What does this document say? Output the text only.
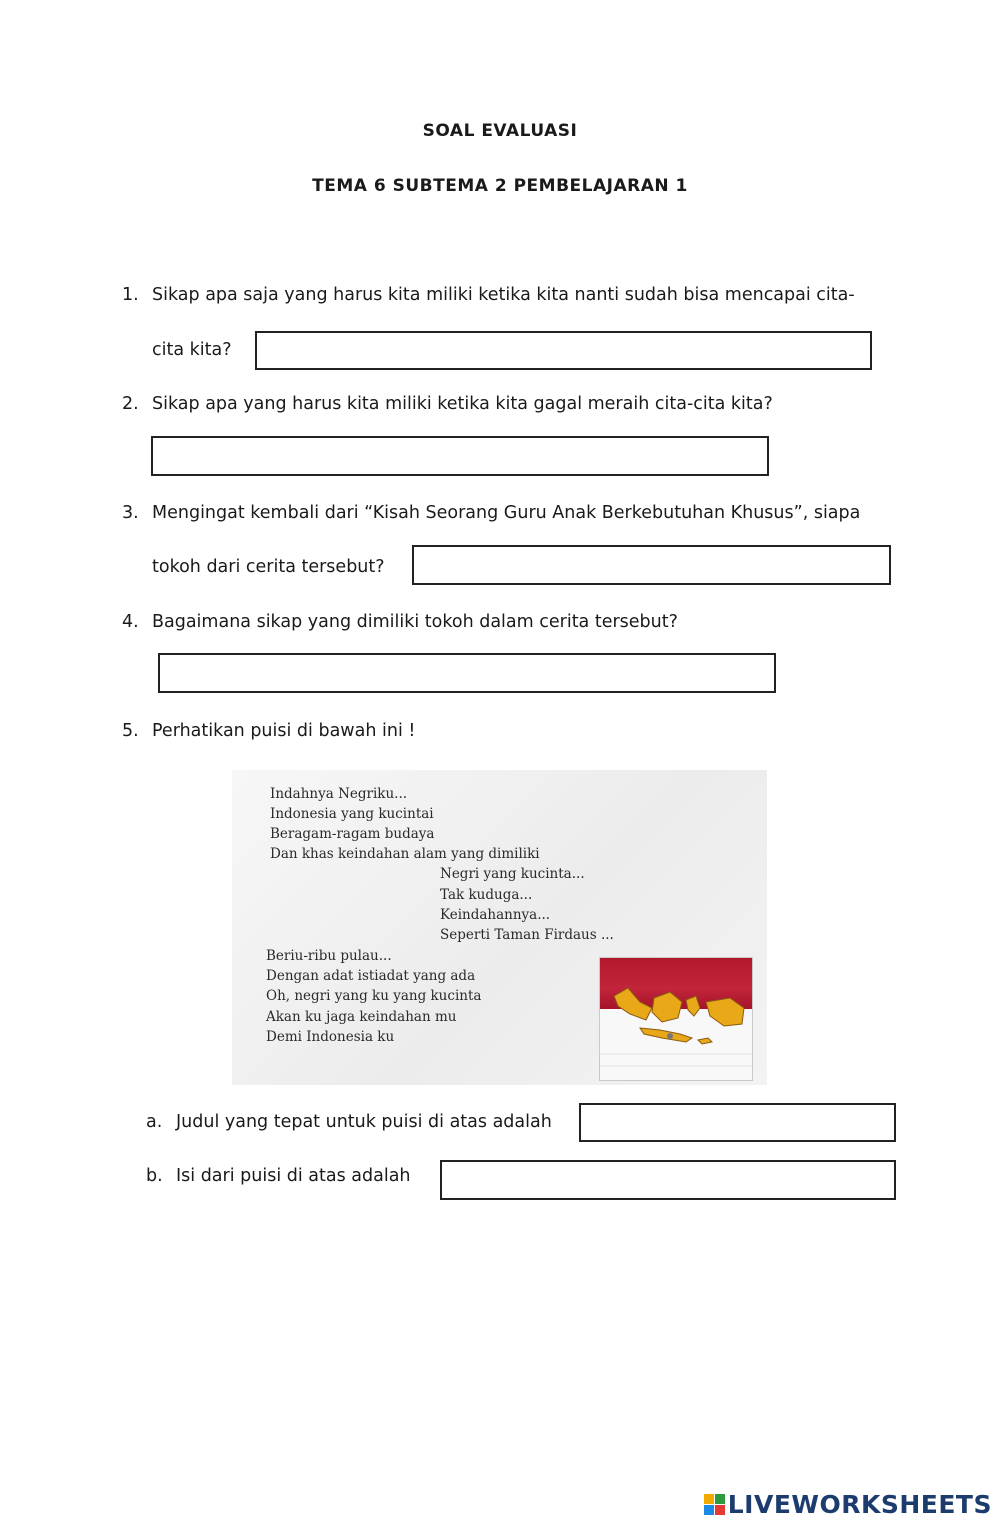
SOAL EVALUASI
TEMA 6 SUBTEMA 2 PEMBELAJARAN 1
1. Sikap apa saja yang harus kita miliki ketika kita nanti sudah bisa mencapai cita-
cita kita?
2. Sikap apa yang harus kita miliki ketika kita gagal meraih cita-cita kita?
3. Mengingat kembali dari “Kisah Seorang Guru Anak Berkebutuhan Khusus”, siapa
tokoh dari cerita tersebut?
4. Bagaimana sikap yang dimiliki tokoh dalam cerita tersebut?
5. Perhatikan puisi di bawah ini !
Indahnya Negriku...
Indonesia yang kucintai
Beragam-ragam budaya
Dan khas keindahan alam yang dimiliki
Negri yang kucinta...
Tak kuduga...
Keindahannya...
Seperti Taman Firdaus ...
Beriu-ribu pulau...
Dengan adat istiadat yang ada
Oh, negri yang ku yang kucinta
Akan ku jaga keindahan mu
Demi Indonesia ku
a. Judul yang tepat untuk puisi di atas adalah
b. Isi dari puisi di atas adalah
LIVEWORKSHEETS
